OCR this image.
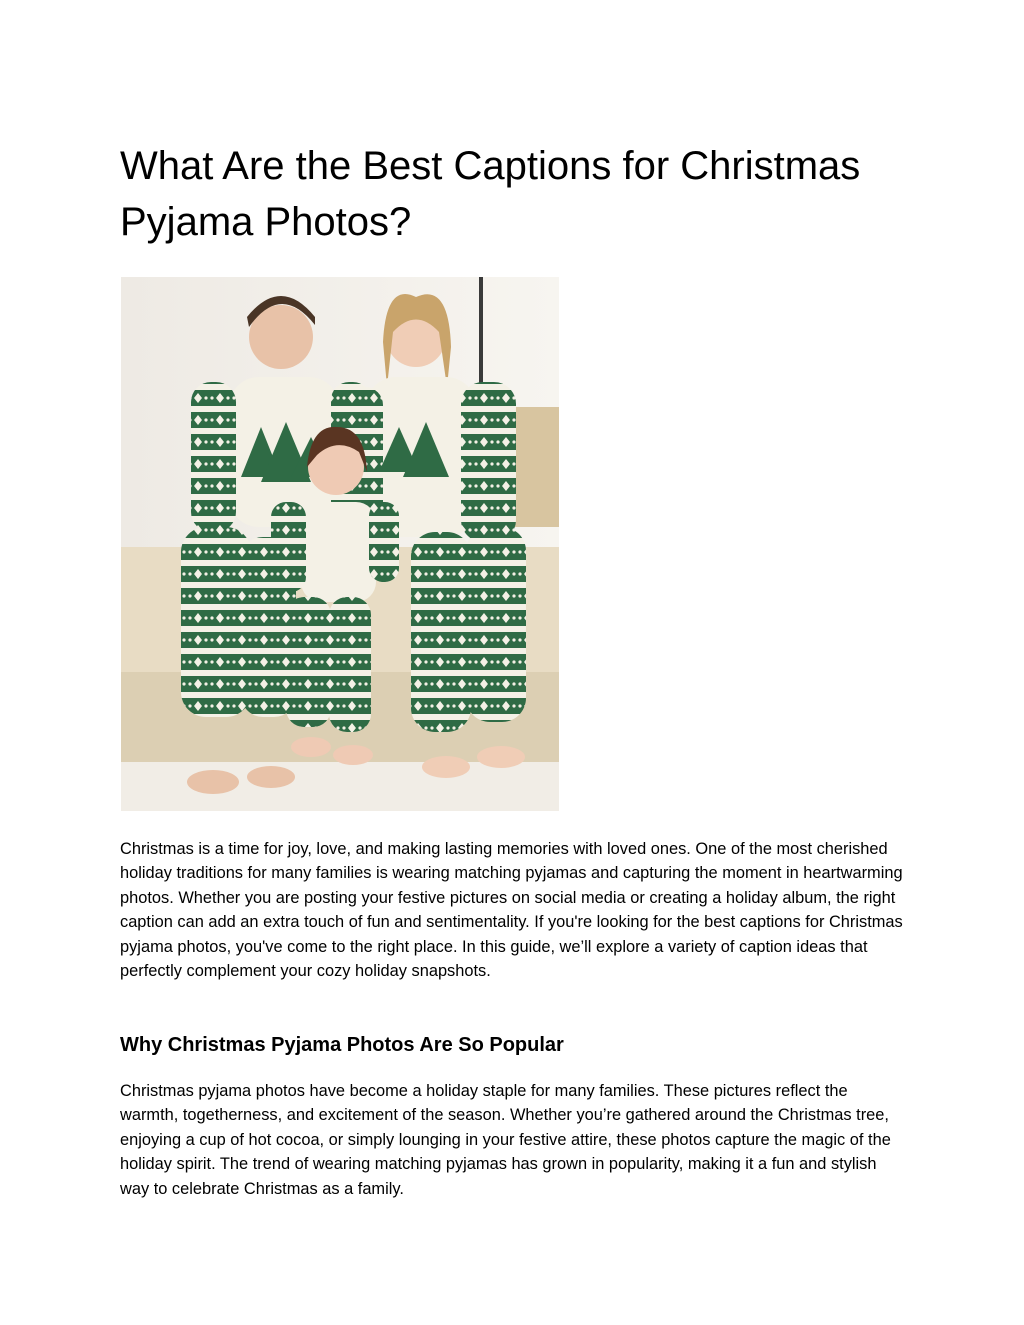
What Are the Best Captions for Christmas Pyjama Photos?

Christmas is a time for joy, love, and making lasting memories with loved ones. One of the most cherished holiday traditions for many families is wearing matching pyjamas and capturing the moment in heartwarming photos. Whether you are posting your festive pictures on social media or creating a holiday album, the right caption can add an extra touch of fun and sentimentality. If you're looking for the best captions for Christmas pyjama photos, you've come to the right place. In this guide, we’ll explore a variety of caption ideas that perfectly complement your cozy holiday snapshots.

Why Christmas Pyjama Photos Are So Popular

Christmas pyjama photos have become a holiday staple for many families. These pictures reflect the warmth, togetherness, and excitement of the season. Whether you’re gathered around the Christmas tree, enjoying a cup of hot cocoa, or simply lounging in your festive attire, these photos capture the magic of the holiday spirit. The trend of wearing matching pyjamas has grown in popularity, making it a fun and stylish way to celebrate Christmas as a family.
